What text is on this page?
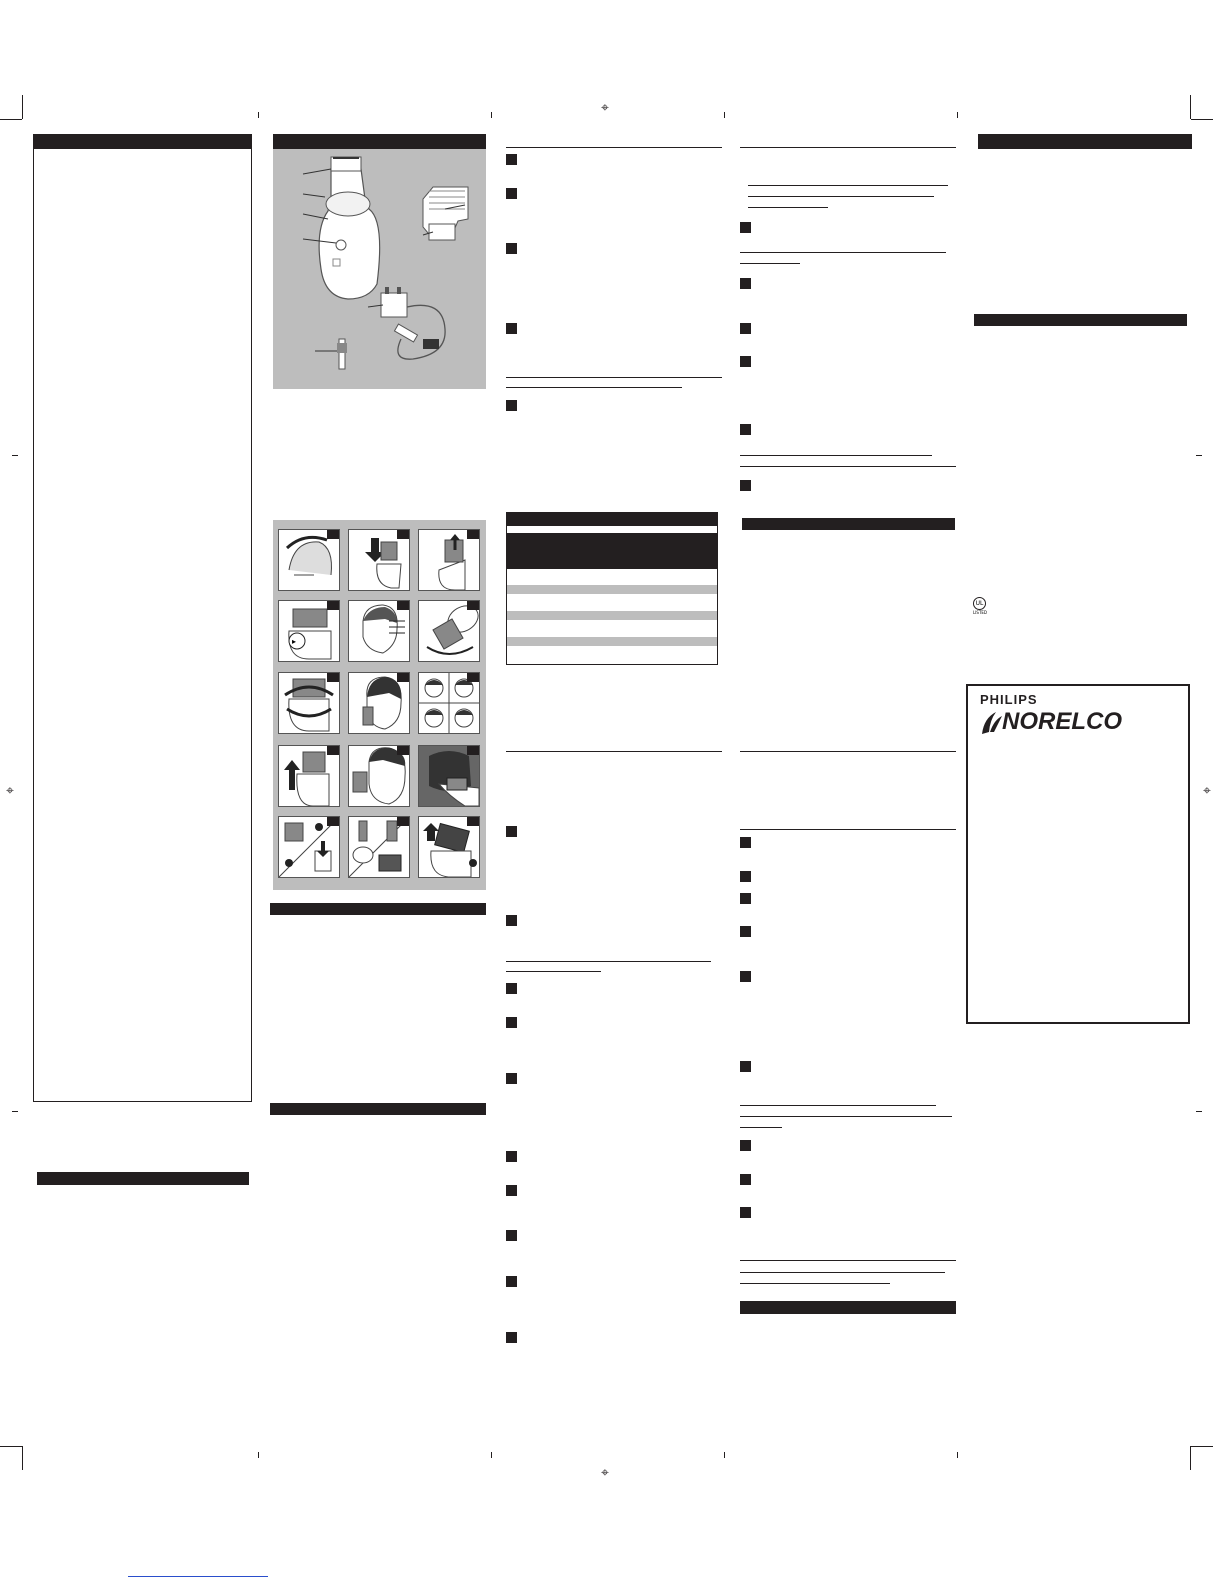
⌖
⌖
⌖	⌖
▸
UL
LISTED
PHILIPS
NORELCO
